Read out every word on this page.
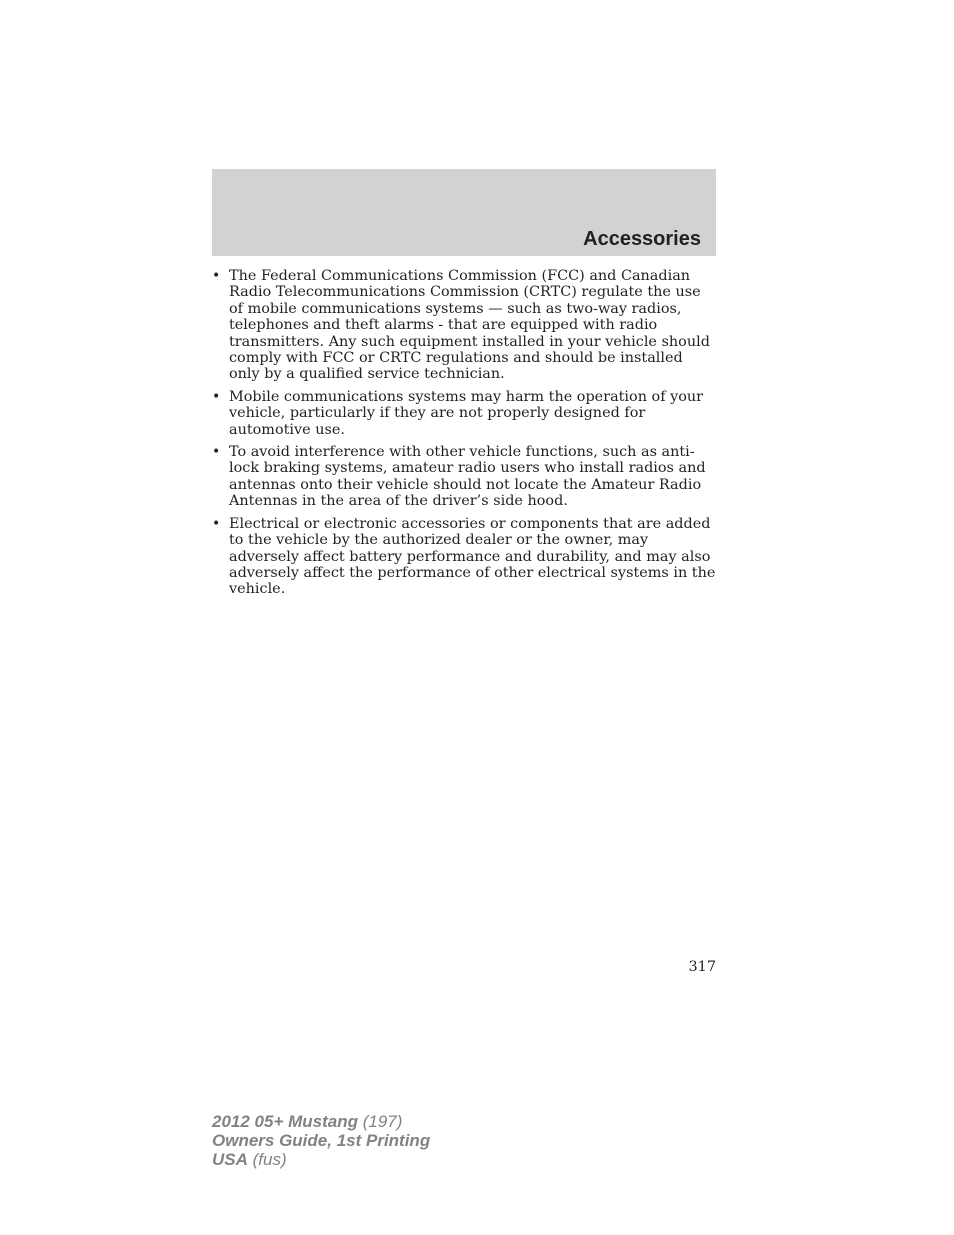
Accessories
• The Federal Communications Commission (FCC) and Canadian Radio Telecommunications Commission (CRTC) regulate the use of mobile communications systems — such as two-way radios, telephones and theft alarms - that are equipped with radio transmitters. Any such equipment installed in your vehicle should comply with FCC or CRTC regulations and should be installed only by a qualified service technician.
• Mobile communications systems may harm the operation of your vehicle, particularly if they are not properly designed for automotive use.
• To avoid interference with other vehicle functions, such as anti-lock braking systems, amateur radio users who install radios and antennas onto their vehicle should not locate the Amateur Radio Antennas in the area of the driver’s side hood.
• Electrical or electronic accessories or components that are added to the vehicle by the authorized dealer or the owner, may adversely affect battery performance and durability, and may also adversely affect the performance of other electrical systems in the vehicle.
317
2012 05+ Mustang (197)
Owners Guide, 1st Printing
USA (fus)
